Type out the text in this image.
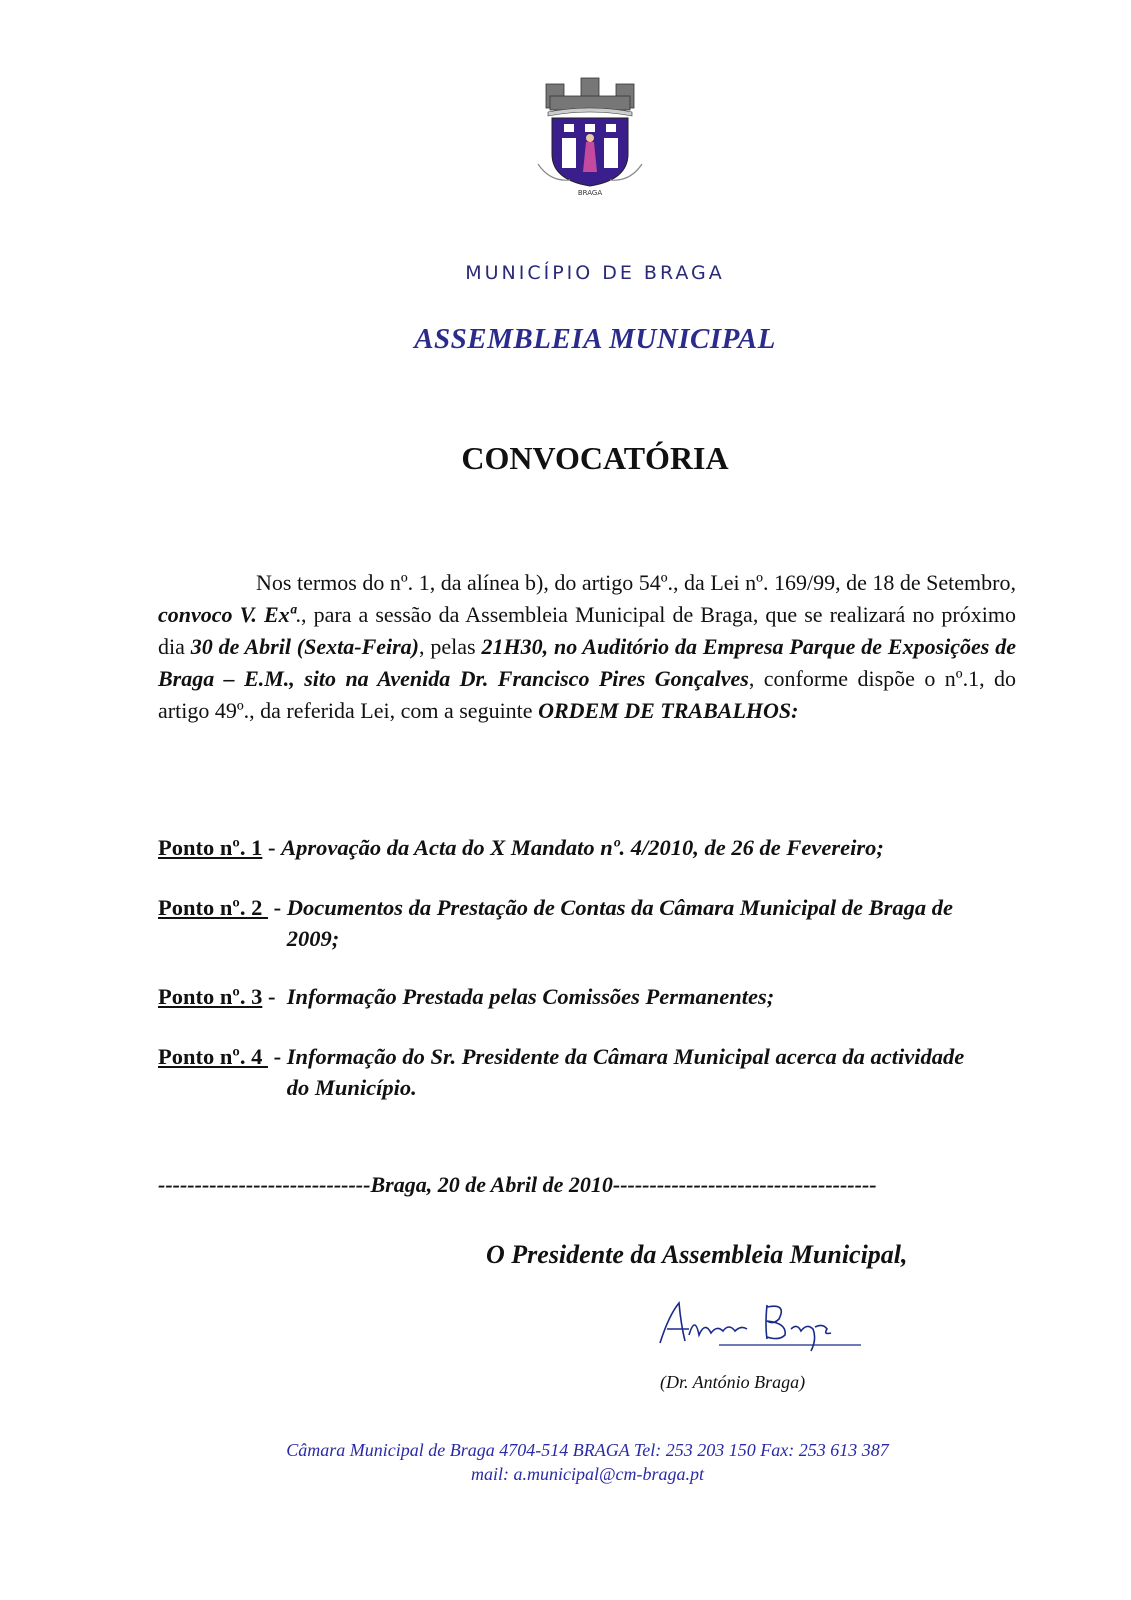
BRAGA
MUNICÍPIO DE BRAGA
ASSEMBLEIA MUNICIPAL
CONVOCATÓRIA
Nos termos do nº. 1, da alínea b), do artigo 54º., da Lei nº. 169/99, de 18 de Setembro, convoco V. Exª., para a sessão da Assembleia Municipal de Braga, que se realizará no próximo dia 30 de Abril (Sexta-Feira), pelas 21H30, no Auditório da Empresa Parque de Exposições de Braga – E.M., sito na Avenida Dr. Francisco Pires Gonçalves, conforme dispõe o nº.1, do artigo 49º., da referida Lei, com a seguinte ORDEM DE TRABALHOS:
Ponto nº. 1 - Aprovação da Acta do X Mandato nº. 4/2010, de 26 de Fevereiro;
Ponto nº. 2 - Documentos da Prestação de Contas da Câmara Municipal de Braga de 2009;
Ponto nº. 3 - Informação Prestada pelas Comissões Permanentes;
Ponto nº. 4 - Informação do Sr. Presidente da Câmara Municipal acerca da actividade do Município.
-----------------------------Braga, 20 de Abril de 2010------------------------------------
O Presidente da Assembleia Municipal,
(Dr. António Braga)
Câmara Municipal de Braga 4704-514 BRAGA Tel: 253 203 150 Fax: 253 613 387
mail: a.municipal@cm-braga.pt
